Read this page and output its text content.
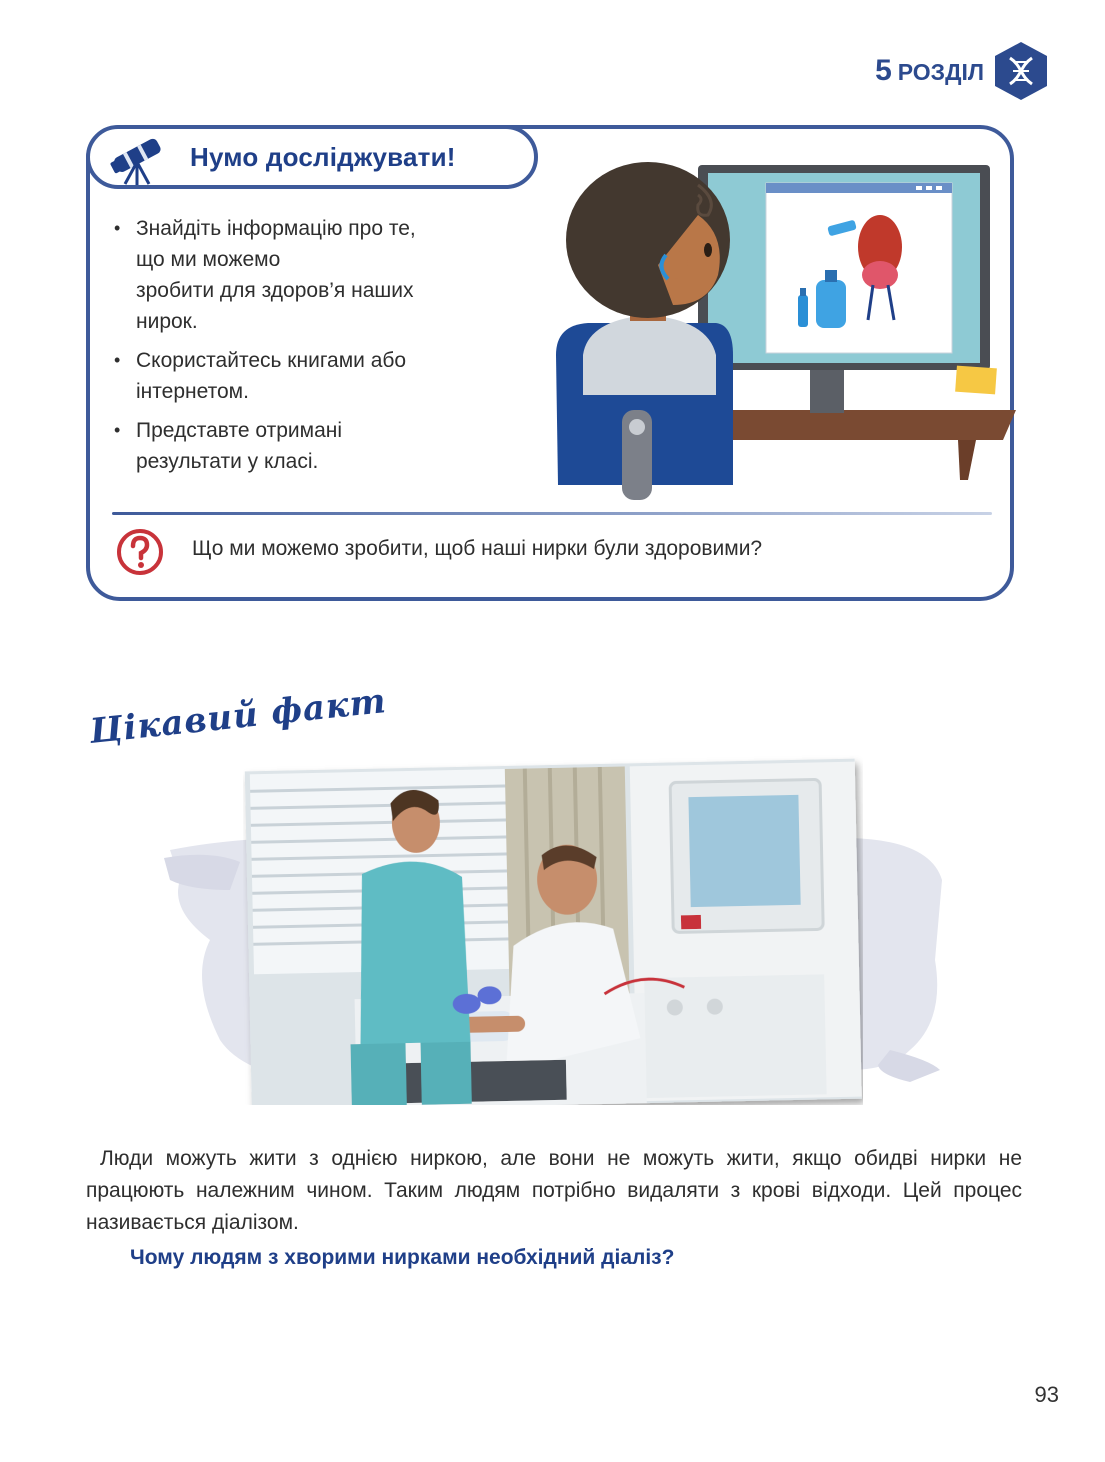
5 РОЗДІЛ
Нумо досліджувати!
• Знайдіть інформацію про те,
що ми можемо
зробити для здоров’я наших
нирок.
• Скористайтесь книгами або
інтернетом.
• Представте отримані
результати у класі.
Що ми можемо зробити, щоб наші нирки були здоровими?
Цікавий факт

Люди можуть жити з однією ниркою, але вони не можуть жити, якщо обидві нирки не працюють належним чином. Таким людям потрібно видаляти з крові відходи. Цей процес називається діалізом.

Чому людям з хворими нирками необхідний діаліз?
93
